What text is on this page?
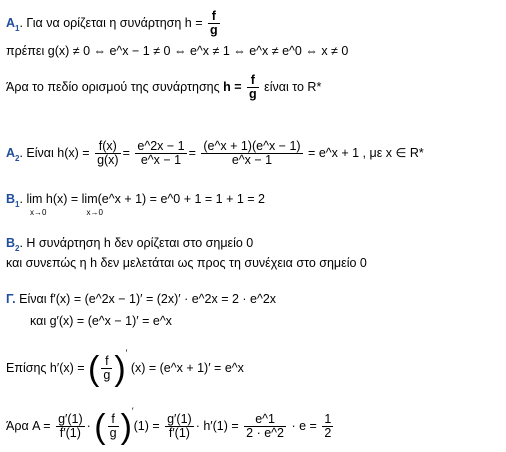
$A_1$. Για να ορίζεται η συνάρτηση $h = \frac{f}{g}$
πρέπει g(x) ≠ 0 ⇔ e^x − 1 ≠ 0 ⇔ e^x ≠ 1 ⇔ e^x ≠ e^0 ⇔ x ≠ 0
Άρα το πεδίο ορισμού της συνάρτησης $h = \frac{f}{g}$ είναι το R*
$A_2$. Είναι $h(x) = \frac{f(x)}{g(x)} = \frac{e\^{}2x - 1}{e\^{}x - 1} = \frac{(e\^{}x + 1)(e\^{}x - 1)}{e\^{}x - 1}$ = e^x + 1 , με x ∈ R*
$B_1$. lim h(x) = lim(e^x + 1) = e^0 + 1 = 1 + 1 = 2
x→0	x→0
$B_2$. Η συνάρτηση h δεν ορίζεται στο σημείο 0
και συνεπώς η h δεν μελετάται ως προς τη συνέχεια στο σημείο 0
Γ. Είναι f′(x) = (e^2x − 1)′ = (2x)′ · e^2x = 2 · e^2x
και g′(x) = (e^x − 1)′ = e^x
Επίσης h′(x) = ( $\frac{f}{g} )'$ (x) = (e^x + 1)′ = e^x
Άρα $A = \frac{g'(1)}{f'(1)}$ · ( $\frac{f}{g} )'(1) = \frac{g'(1)}{f'(1)} \cdot h'(1) = \frac{e\^{}1}{2 \cdot e\^{}2} \cdot e = \frac{1}{2}$
